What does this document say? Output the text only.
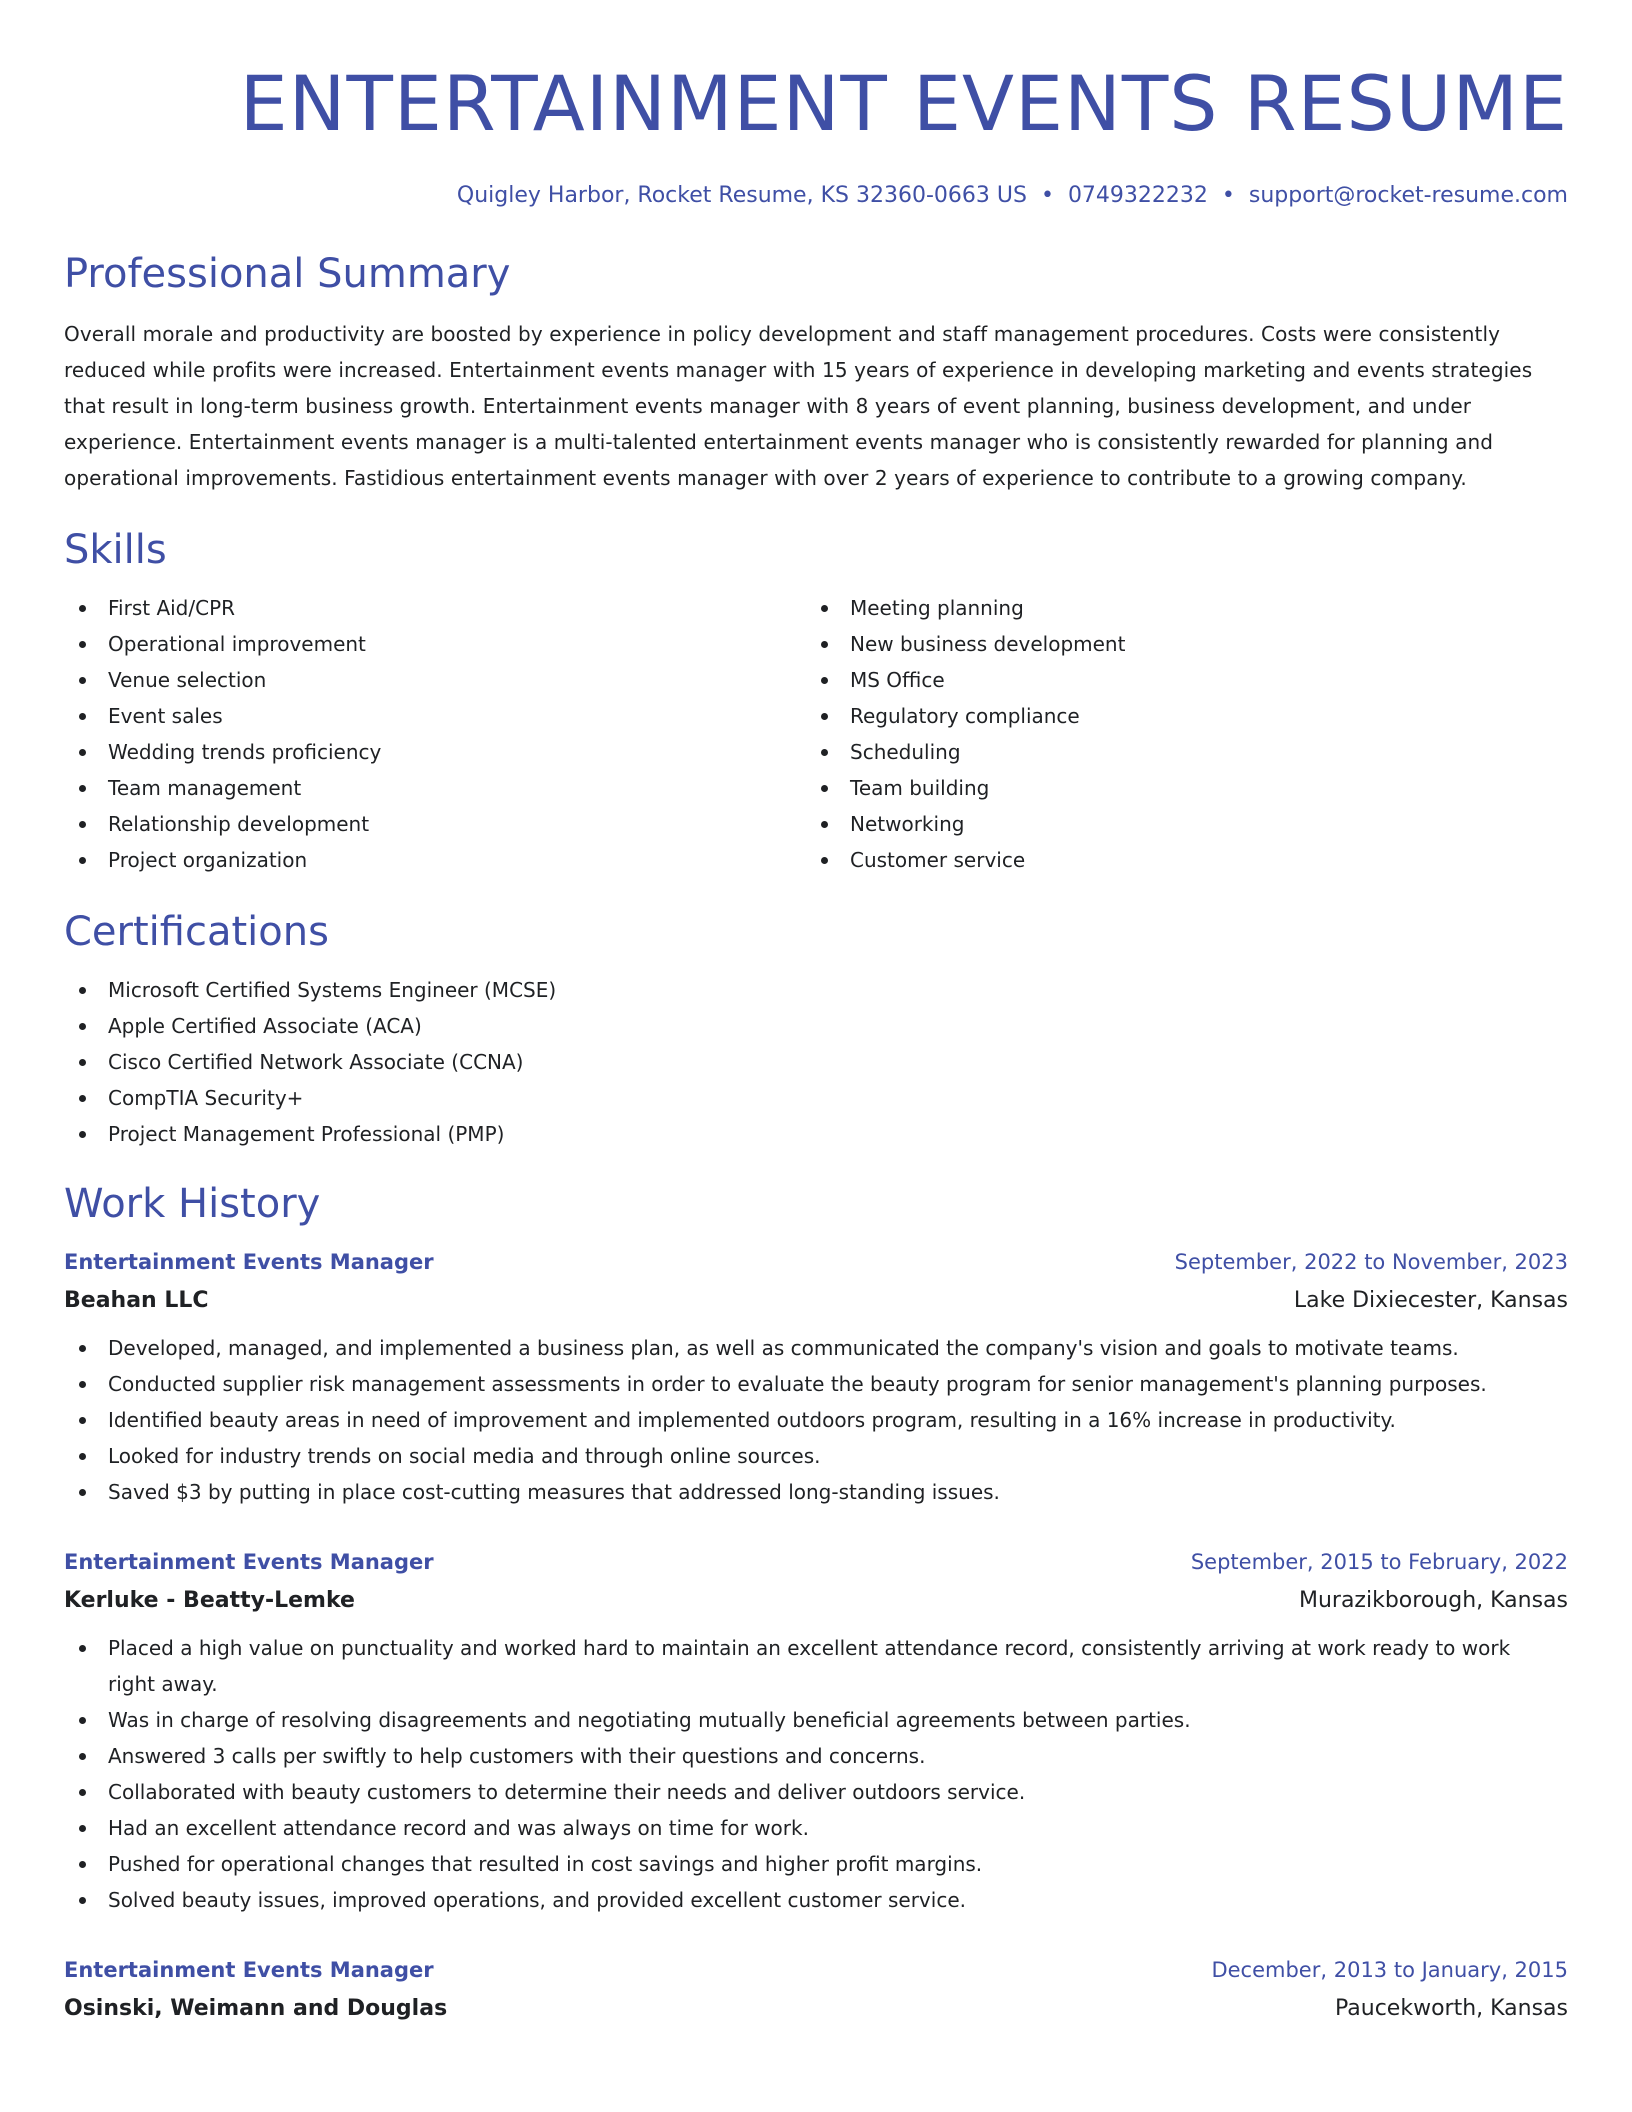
ENTERTAINMENT EVENTS RESUME
Quigley Harbor, Rocket Resume, KS 32360-0663 US • 0749322232 • support@rocket-resume.com
Professional Summary

Overall morale and productivity are boosted by experience in policy development and staff management procedures. Costs were consistently reduced while profits were increased. Entertainment events manager with 15 years of experience in developing marketing and events strategies that result in long-term business growth. Entertainment events manager with 8 years of event planning, business development, and under experience. Entertainment events manager is a multi-talented entertainment events manager who is consistently rewarded for planning and operational improvements. Fastidious entertainment events manager with over 2 years of experience to contribute to a growing company.

Skills
First Aid/CPR
Operational improvement
Venue selection
Event sales
Wedding trends proficiency
Team management
Relationship development
Project organization
Meeting planning
New business development
MS Office
Regulatory compliance
Scheduling
Team building
Networking
Customer service
Certifications
Microsoft Certified Systems Engineer (MCSE)
Apple Certified Associate (ACA)
Cisco Certified Network Associate (CCNA)
CompTIA Security+
Project Management Professional (PMP)
Work History
Entertainment Events Manager	September, 2022 to November, 2023
Beahan LLC	Lake Dixiecester, Kansas
Developed, managed, and implemented a business plan, as well as communicated the company's vision and goals to motivate teams.
Conducted supplier risk management assessments in order to evaluate the beauty program for senior management's planning purposes.
Identified beauty areas in need of improvement and implemented outdoors program, resulting in a 16% increase in productivity.
Looked for industry trends on social media and through online sources.
Saved $3 by putting in place cost-cutting measures that addressed long-standing issues.
Entertainment Events Manager	September, 2015 to February, 2022
Kerluke - Beatty-Lemke	Murazikborough, Kansas
Placed a high value on punctuality and worked hard to maintain an excellent attendance record, consistently arriving at work ready to work right away.
Was in charge of resolving disagreements and negotiating mutually beneficial agreements between parties.
Answered 3 calls per swiftly to help customers with their questions and concerns.
Collaborated with beauty customers to determine their needs and deliver outdoors service.
Had an excellent attendance record and was always on time for work.
Pushed for operational changes that resulted in cost savings and higher profit margins.
Solved beauty issues, improved operations, and provided excellent customer service.
Entertainment Events Manager	December, 2013 to January, 2015
Osinski, Weimann and Douglas	Paucekworth, Kansas
